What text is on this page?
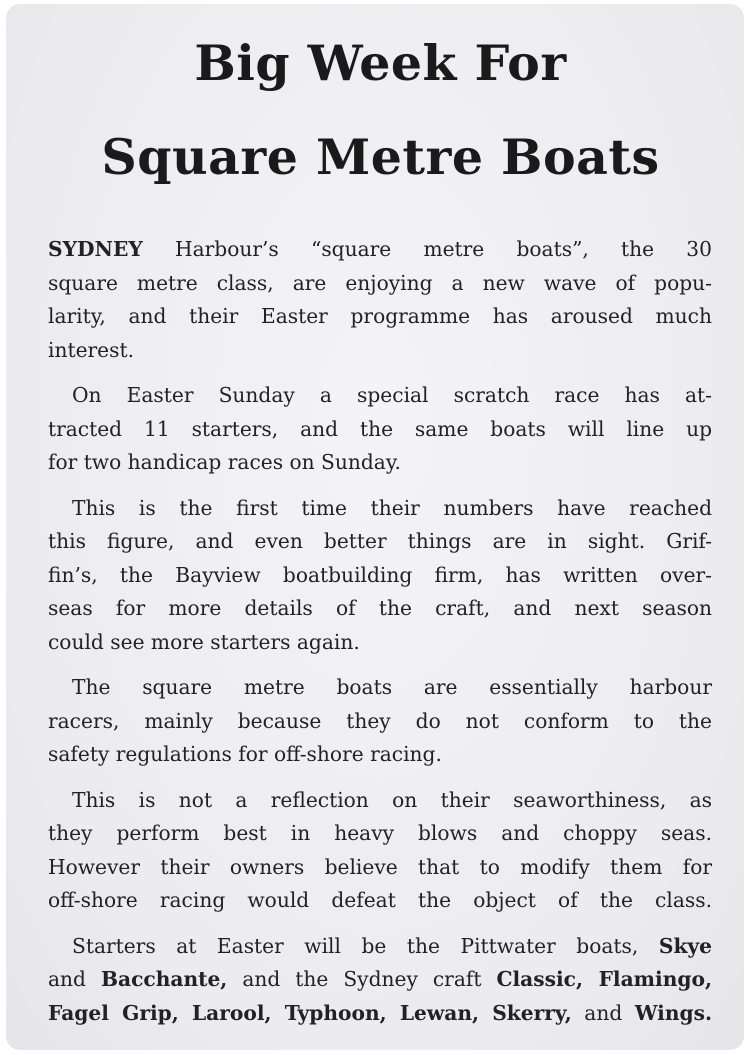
Big Week For
Square Metre Boats
SYDNEY Harbour’s “square metre boats”, the 30
square metre class, are enjoying a new wave of popu-
larity, and their Easter programme has aroused much
interest.
On Easter Sunday a special scratch race has at-
tracted 11 starters, and the same boats will line up
for two handicap races on Sunday.
This is the first time their numbers have reached
this figure, and even better things are in sight. Grif-
fin’s, the Bayview boatbuilding firm, has written over-
seas for more details of the craft, and next season
could see more starters again.
The square metre boats are essentially harbour
racers, mainly because they do not conform to the
safety regulations for off-shore racing.
This is not a reflection on their seaworthiness, as
they perform best in heavy blows and choppy seas.
However their owners believe that to modify them for
off-shore racing would defeat the object of the class.
Starters at Easter will be the Pittwater boats, Skye
and Bacchante, and the Sydney craft Classic, Flamingo,
Fagel Grip, Larool, Typhoon, Lewan, Skerry, and Wings.
